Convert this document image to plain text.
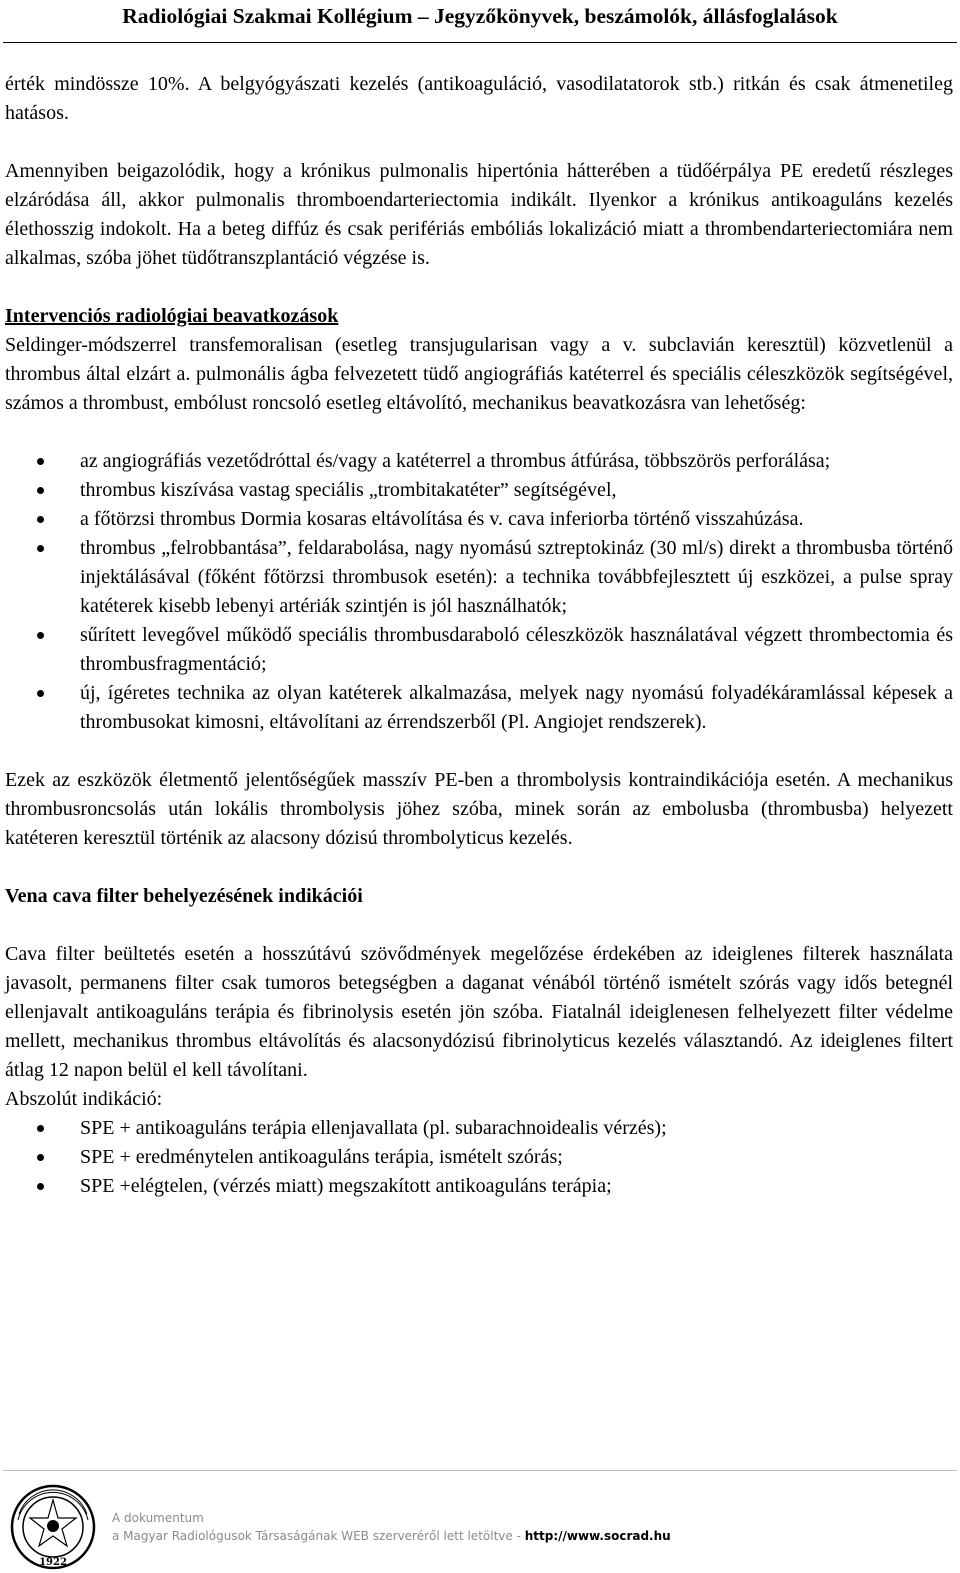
Radiológiai Szakmai Kollégium – Jegyzőkönyvek, beszámolók, állásfoglalások

érték mindössze 10%. A belgyógyászati kezelés (antikoaguláció, vasodilatatorok stb.) ritkán és csak átmenetileg hatásos.

Amennyiben beigazolódik, hogy a krónikus pulmonalis hipertónia hátterében a tüdőérpálya PE eredetű részleges elzáródása áll, akkor pulmonalis thromboendarteriectomia indikált. Ilyenkor a krónikus antikoaguláns kezelés élethosszig indokolt. Ha a beteg diffúz és csak perifériás embóliás lokalizáció miatt a thrombendarteriectomiára nem alkalmas, szóba jöhet tüdőtranszplantáció végzése is.

Intervenciós radiológiai beavatkozások

Seldinger-módszerrel transfemoralisan (esetleg transjugularisan vagy a v. subclavián keresztül) közvetlenül a thrombus által elzárt a. pulmonális ágba felvezetett tüdő angiográfiás katéterrel és speciális céleszközök segítségével, számos a thrombust, embólust roncsoló esetleg eltávolító, mechanikus beavatkozásra van lehetőség:

az angiográfiás vezetődróttal és/vagy a katéterrel a thrombus átfúrása, többszörös perforálása;
thrombus kiszívása vastag speciális „trombitakatéter” segítségével,
a főtörzsi thrombus Dormia kosaras eltávolítása és v. cava inferiorba történő visszahúzása.
thrombus „felrobbantása”, feldarabolása, nagy nyomású sztreptokináz (30 ml/s) direkt a thrombusba történő injektálásával (főként főtörzsi thrombusok esetén): a technika továbbfejlesztett új eszközei, a pulse spray katéterek kisebb lebenyi artériák szintjén is jól használhatók;
sűrített levegővel működő speciális thrombusdaraboló céleszközök használatával végzett thrombectomia és thrombusfragmentáció;
új, ígéretes technika az olyan katéterek alkalmazása, melyek nagy nyomású folyadékáramlással képesek a thrombusokat kimosni, eltávolítani az érrendszerből (Pl. Angiojet rendszerek).

Ezek az eszközök életmentő jelentőségűek masszív PE-ben a thrombolysis kontraindikációja esetén. A mechanikus thrombusroncsolás után lokális thrombolysis jöhez szóba, minek során az embolusba (thrombusba) helyezett katéteren keresztül történik az alacsony dózisú thrombolyticus kezelés.

Vena cava filter behelyezésének indikációi

Cava filter beültetés esetén a hosszútávú szövődmények megelőzése érdekében az ideiglenes filterek használata javasolt, permanens filter csak tumoros betegségben a daganat vénából történő ismételt szórás vagy idős betegnél ellenjavalt antikoaguláns terápia és fibrinolysis esetén jön szóba. Fiatalnál ideiglenesen felhelyezett filter védelme mellett, mechanikus thrombus eltávolítás és alacsonydózisú fibrinolyticus kezelés választandó. Az ideiglenes filtert átlag 12 napon belül el kell távolítani.

Abszolút indikáció:

SPE + antikoaguláns terápia ellenjavallata (pl. subarachnoidealis vérzés);
SPE + eredménytelen antikoaguláns terápia, ismételt szórás;
SPE +elégtelen, (vérzés miatt) megszakított antikoaguláns terápia;
1922
A dokumentum
a Magyar Radiológusok Társaságának WEB szerveréről lett letöltve - http://www.socrad.hu
